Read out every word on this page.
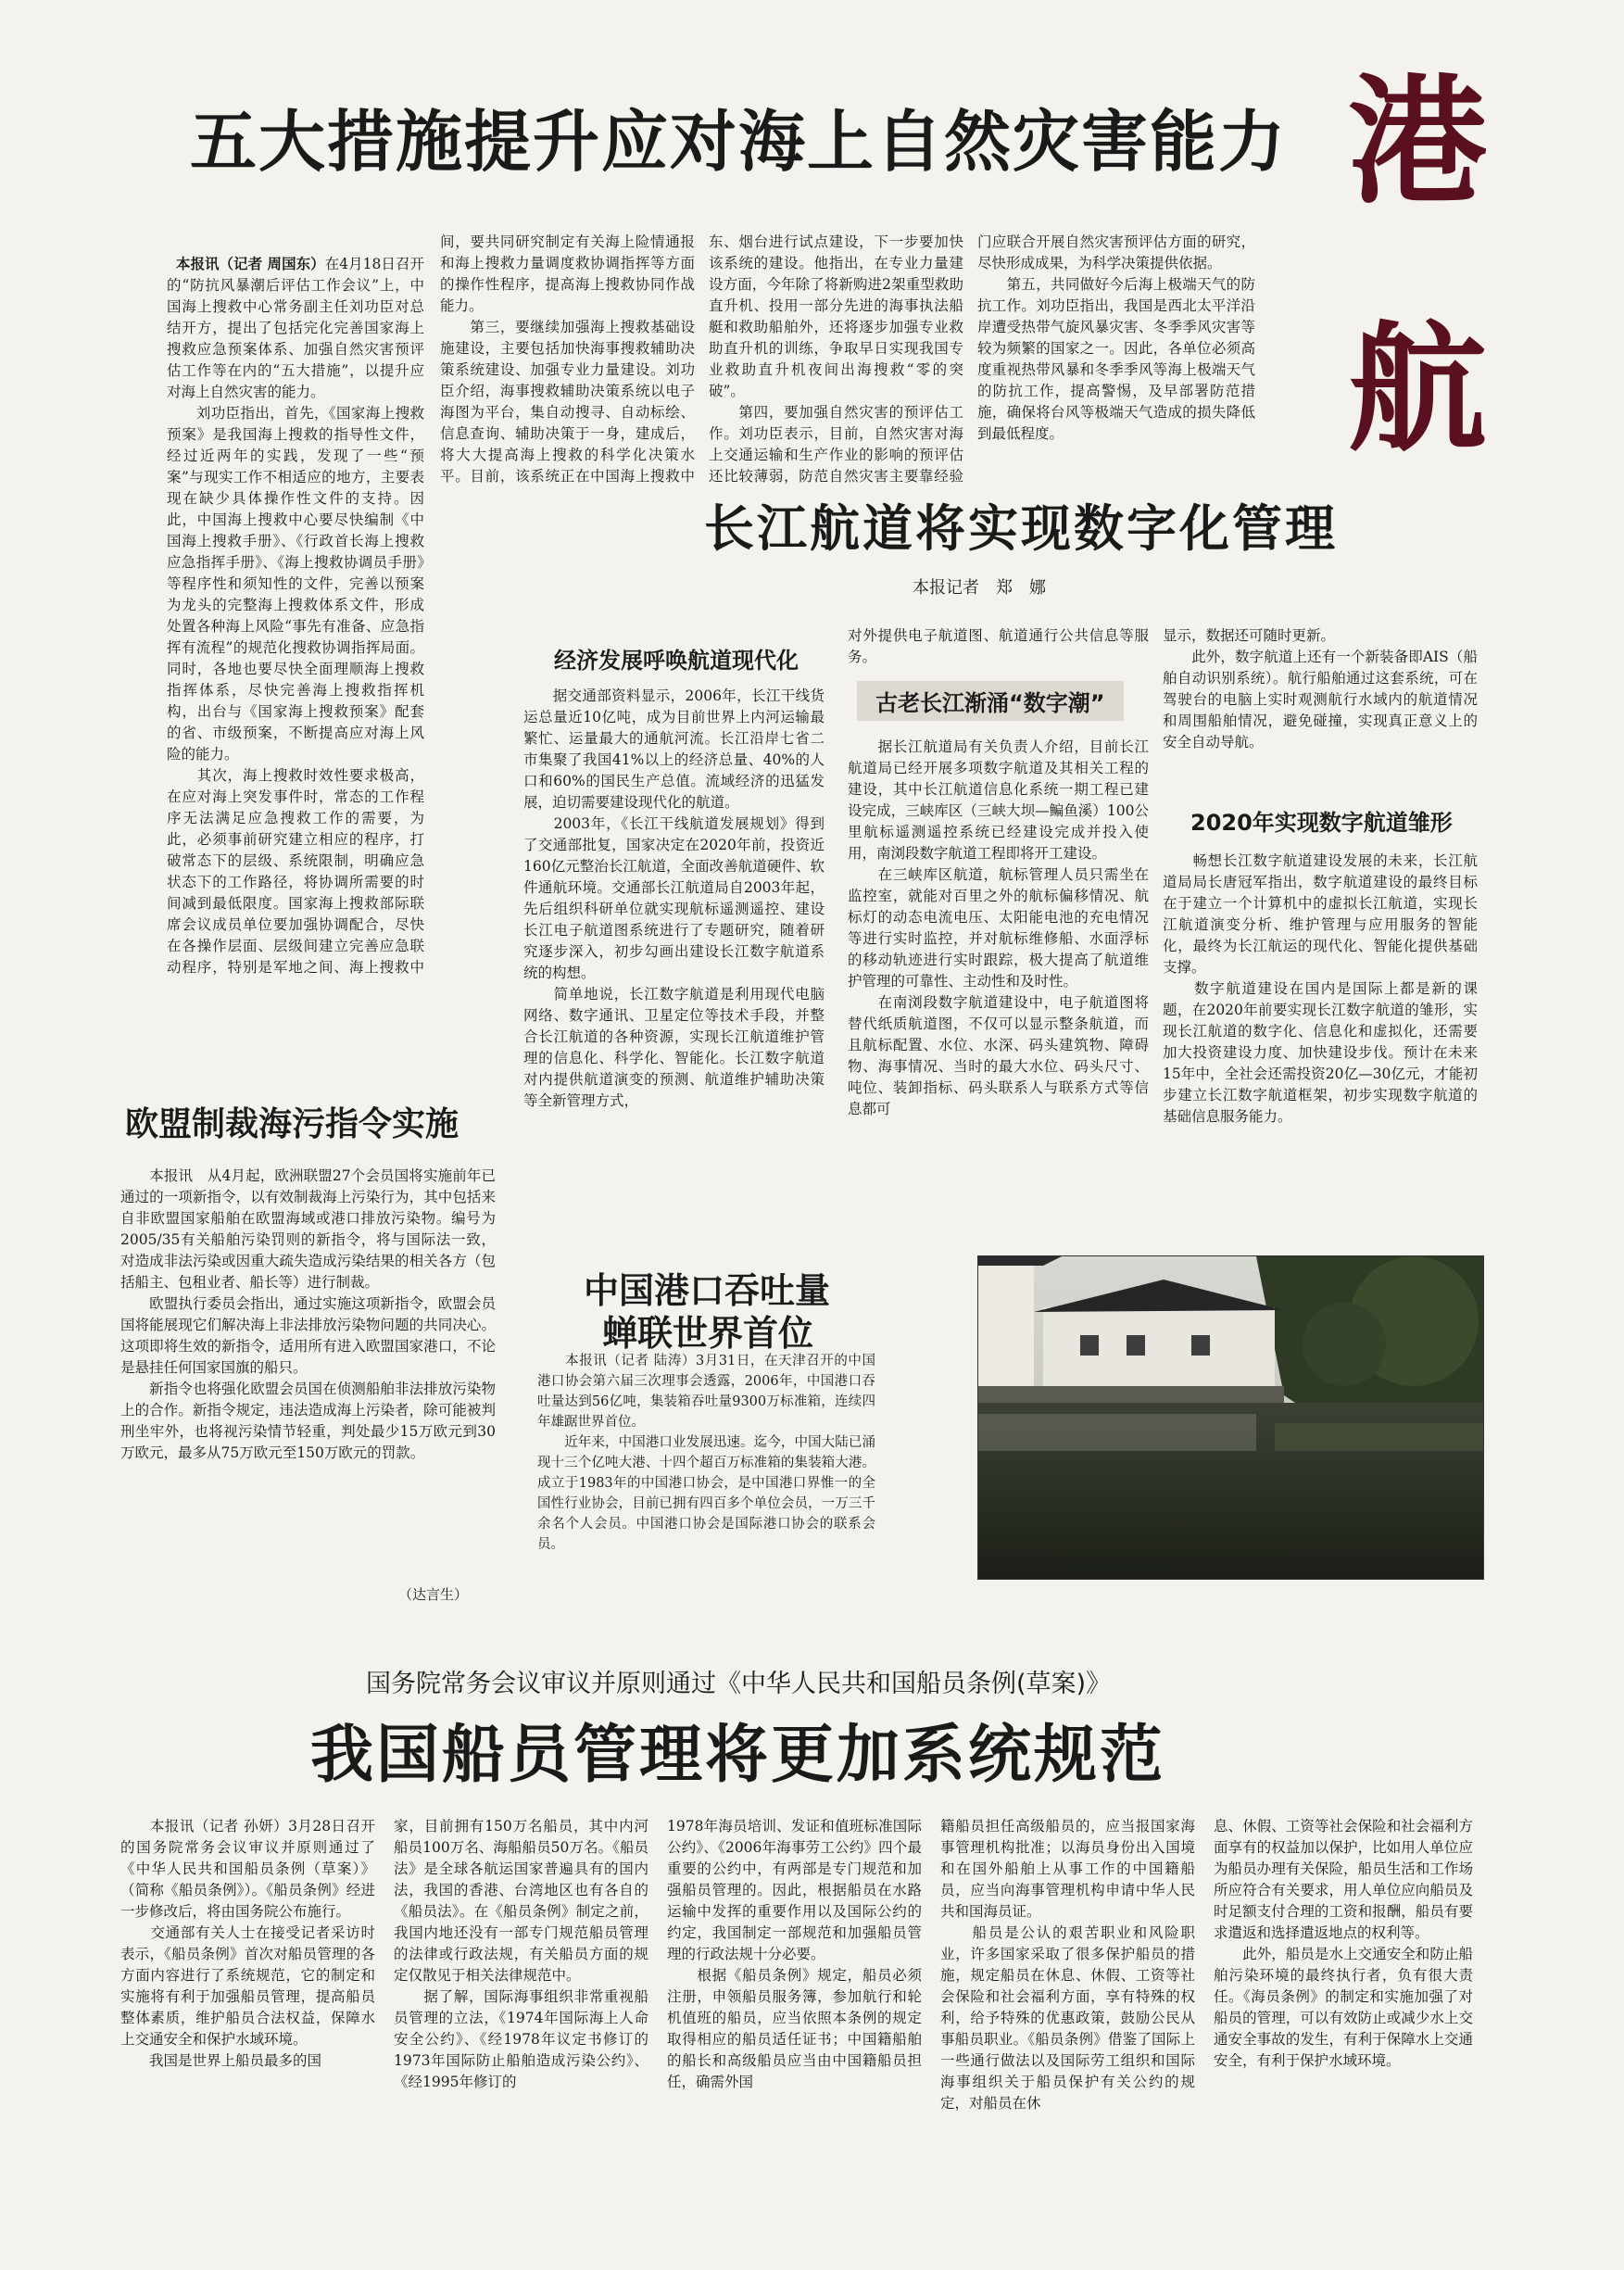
港
航
五大措施提升应对海上自然灾害能力

本报讯（记者 周国东）在4月18日召开的“防抗风暴潮后评估工作会议”上，中国海上搜救中心常务副主任刘功臣对总结开方，提出了包括完化完善国家海上搜救应急预案体系、加强自然灾害预评估工作等在内的“五大措施”，以提升应对海上自然灾害的能力。
　　刘功臣指出，首先，《国家海上搜救预案》是我国海上搜救的指导性文件，经过近两年的实践，发现了一些“预案”与现实工作不相适应的地方，主要表现在缺少具体操作性文件的支持。因此，中国海上搜救中心要尽快编制《中国海上搜救手册》、《行政首长海上搜救应急指挥手册》、《海上搜救协调员手册》等程序性和须知性的文件，完善以预案为龙头的完整海上搜救体系文件，形成处置各种海上风险“事先有准备、应急指挥有流程”的规范化搜救协调指挥局面。同时，各地也要尽快全面理顺海上搜救指挥体系，尽快完善海上搜救指挥机构，出台与《国家海上搜救预案》配套的省、市级预案，不断提高应对海上风险的能力。
　　其次，海上搜救时效性要求极高，在应对海上突发事件时，常态的工作程序无法满足应急搜救工作的需要，为此，必须事前研究建立相应的程序，打破常态下的层级、系统限制，明确应急状态下的工作路径，将协调所需要的时间减到最低限度。国家海上搜救部际联席会议成员单位要加强协调配合，尽快在各操作层面、层级间建立完善应急联动程序，特别是军地之间、海上搜救中

间，要共同研究制定有关海上险情通报和海上搜救力量调度救协调指挥等方面的操作性程序，提高海上搜救协同作战能力。
　　第三，要继续加强海上搜救基础设施建设，主要包括加快海事搜救辅助决策系统建设、加强专业力量建设。刘功臣介绍，海事搜救辅助决策系统以电子海图为平台，集自动搜寻、自动标绘、信息查询、辅助决策于一身，建成后，将大大提高海上搜救的科学化决策水平。目前，该系统正在中国海上搜救中
东、烟台进行试点建设，下一步要加快该系统的建设。他指出，在专业力量建设方面，今年除了将新购进2架重型救助直升机、投用一部分先进的海事执法船艇和救助船舶外，还将逐步加强专业救助直升机的训练，争取早日实现我国专业救助直升机夜间出海搜救“零的突破”。
　　第四，要加强自然灾害的预评估工作。刘功臣表示，目前，自然灾害对海上交通运输和生产作业的影响的预评估还比较薄弱，防范自然灾害主要靠经验
门应联合开展自然灾害预评估方面的研究，尽快形成成果，为科学决策提供依据。
　　第五，共同做好今后海上极端天气的防抗工作。刘功臣指出，我国是西北太平洋沿岸遭受热带气旋风暴灾害、冬季季风灾害等较为频繁的国家之一。因此，各单位必须高度重视热带风暴和冬季季风等海上极端天气的防抗工作，提高警惕，及早部署防范措施，确保将台风等极端天气造成的损失降低到最低程度。
长江航道将实现数字化管理
本报记者　郑　娜
经济发展呼唤航道现代化
　　据交通部资料显示，2006年，长江干线货运总量近10亿吨，成为目前世界上内河运输最繁忙、运量最大的通航河流。长江沿岸七省二市集聚了我国41%以上的经济总量、40%的人口和60%的国民生产总值。流域经济的迅猛发展，迫切需要建设现代化的航道。
　　2003年，《长江干线航道发展规划》得到了交通部批复，国家决定在2020年前，投资近160亿元整治长江航道，全面改善航道硬件、软件通航环境。交通部长江航道局自2003年起，先后组织科研单位就实现航标遥测遥控、建设长江电子航道图系统进行了专题研究，随着研究逐步深入，初步勾画出建设长江数字航道系统的构想。
　　简单地说，长江数字航道是利用现代电脑网络、数字通讯、卫星定位等技术手段，并整合长江航道的各种资源，实现长江航道维护管理的信息化、科学化、智能化。长江数字航道对内提供航道演变的预测、航道维护辅助决策等全新管理方式，
对外提供电子航道图、航道通行公共信息等服务。
古老长江渐涌“数字潮”
　　据长江航道局有关负责人介绍，目前长江航道局已经开展多项数字航道及其相关工程的建设，其中长江航道信息化系统一期工程已建设完成，三峡库区（三峡大坝—鳊鱼溪）100公里航标遥测遥控系统已经建设完成并投入使用，南浏段数字航道工程即将开工建设。
　　在三峡库区航道，航标管理人员只需坐在监控室，就能对百里之外的航标偏移情况、航标灯的动态电流电压、太阳能电池的充电情况等进行实时监控，并对航标维修船、水面浮标的移动轨迹进行实时跟踪，极大提高了航道维护管理的可靠性、主动性和及时性。
　　在南浏段数字航道建设中，电子航道图将替代纸质航道图，不仅可以显示整条航道，而且航标配置、水位、水深、码头建筑物、障碍物、海事情况、当时的最大水位、码头尺寸、吨位、装卸指标、码头联系人与联系方式等信息都可
显示，数据还可随时更新。
　　此外，数字航道上还有一个新装备即AIS（船舶自动识别系统）。航行船舶通过这套系统，可在驾驶台的电脑上实时观测航行水域内的航道情况和周围船舶情况，避免碰撞，实现真正意义上的安全自动导航。
2020年实现数字航道雏形
　　畅想长江数字航道建设发展的未来，长江航道局局长唐冠军指出，数字航道建设的最终目标在于建立一个计算机中的虚拟长江航道，实现长江航道演变分析、维护管理与应用服务的智能化，最终为长江航运的现代化、智能化提供基础支撑。
　　数字航道建设在国内是国际上都是新的课题，在2020年前要实现长江数字航道的雏形，实现长江航道的数字化、信息化和虚拟化，还需要加大投资建设力度、加快建设步伐。预计在未来15年中，全社会还需投资20亿—30亿元，才能初步建立长江数字航道框架，初步实现数字航道的基础信息服务能力。
欧盟制裁海污指令实施
　　本报讯　从4月起，欧洲联盟27个会员国将实施前年已通过的一项新指令，以有效制裁海上污染行为，其中包括来自非欧盟国家船舶在欧盟海域或港口排放污染物。编号为2005/35有关船舶污染罚则的新指令，将与国际法一致，对造成非法污染或因重大疏失造成污染结果的相关各方（包括船主、包租业者、船长等）进行制裁。
　　欧盟执行委员会指出，通过实施这项新指令，欧盟会员国将能展现它们解决海上非法排放污染物问题的共同决心。这项即将生效的新指令，适用所有进入欧盟国家港口，不论是悬挂任何国家国旗的船只。
　　新指令也将强化欧盟会员国在侦测船舶非法排放污染物上的合作。新指令规定，违法造成海上污染者，除可能被判刑坐牢外，也将视污染情节轻重，判处最少15万欧元到30万欧元，最多从75万欧元至150万欧元的罚款。
（达言生）
中国港口吞吐量
蝉联世界首位
　　本报讯（记者 陆涛）3月31日，在天津召开的中国港口协会第六届三次理事会透露，2006年，中国港口吞吐量达到56亿吨，集装箱吞吐量9300万标准箱，连续四年雄踞世界首位。
　　近年来，中国港口业发展迅速。迄今，中国大陆已涌现十三个亿吨大港、十四个超百万标准箱的集装箱大港。成立于1983年的中国港口协会，是中国港口界惟一的全国性行业协会，目前已拥有四百多个单位会员，一万三千余名个人会员。中国港口协会是国际港口协会的联系会员。
国务院常务会议审议并原则通过《中华人民共和国船员条例(草案)》
我国船员管理将更加系统规范
　　本报讯（记者 孙妍）3月28日召开的国务院常务会议审议并原则通过了《中华人民共和国船员条例（草案）》（简称《船员条例》）。《船员条例》经进一步修改后，将由国务院公布施行。
　　交通部有关人士在接受记者采访时表示，《船员条例》首次对船员管理的各方面内容进行了系统规范，它的制定和实施将有利于加强船员管理，提高船员整体素质，维护船员合法权益，保障水上交通安全和保护水域环境。
　　我国是世界上船员最多的国
家，目前拥有150万名船员，其中内河船员100万名、海船船员50万名。《船员法》是全球各航运国家普遍具有的国内法，我国的香港、台湾地区也有各自的《船员法》。在《船员条例》制定之前，我国内地还没有一部专门规范船员管理的法律或行政法规，有关船员方面的规定仅散见于相关法律规范中。
　　据了解，国际海事组织非常重视船员管理的立法，《1974年国际海上人命安全公约》、《经1978年议定书修订的1973年国际防止船舶造成污染公约》、《经1995年修订的
1978年海员培训、发证和值班标准国际公约》、《2006年海事劳工公约》四个最重要的公约中，有两部是专门规范和加强船员管理的。因此，根据船员在水路运输中发挥的重要作用以及国际公约的约定，我国制定一部规范和加强船员管理的行政法规十分必要。
　　根据《船员条例》规定，船员必须注册，申领船员服务簿，参加航行和轮机值班的船员，应当依照本条例的规定取得相应的船员适任证书；中国籍船舶的船长和高级船员应当由中国籍船员担任，确需外国
籍船员担任高级船员的，应当报国家海事管理机构批准；以海员身份出入国境和在国外船舶上从事工作的中国籍船员，应当向海事管理机构申请中华人民共和国海员证。
　　船员是公认的艰苦职业和风险职业，许多国家采取了很多保护船员的措施，规定船员在休息、休假、工资等社会保险和社会福利方面，享有特殊的权利，给予特殊的优惠政策，鼓励公民从事船员职业。《船员条例》借鉴了国际上一些通行做法以及国际劳工组织和国际海事组织关于船员保护有关公约的规定，对船员在休
息、休假、工资等社会保险和社会福利方面享有的权益加以保护，比如用人单位应为船员办理有关保险，船员生活和工作场所应符合有关要求，用人单位应向船员及时足额支付合理的工资和报酬，船员有要求遣返和选择遣返地点的权利等。
　　此外，船员是水上交通安全和防止船舶污染环境的最终执行者，负有很大责任。《海员条例》的制定和实施加强了对船员的管理，可以有效防止或减少水上交通安全事故的发生，有利于保障水上交通安全，有利于保护水域环境。
